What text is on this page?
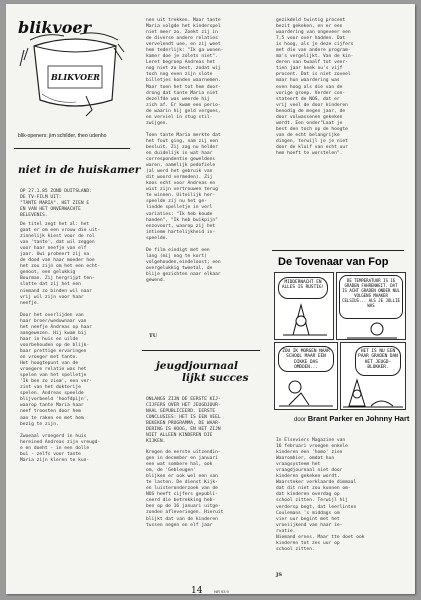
blikvoer
BLIKVOER
blik-openers: jim schilder, theo udenho
niet in de huiskamer
OP 27.1.85 ZOND DUITSLAND:
DE TV-FILM UIT:
"TANTE MARIA". HET ZIEN E
EN VAN HET ONVERWACHTE
BELEVENIS.
De titel zegt het al: het
gaat er om een vrouw die uit-
zinnelijk kiest voor de rol
van 'tante', dat wil zeggen
voor haar neefje van elf
jaar. Uwi probeert zij na
de dood van haar moeder hoe
het zou zijn om het een echt-
genoot, een gelukkig
Bourman. Zij hergrijpt ten-
slotte dat zij het een
niemand zo binden wil naar
vrij wil zijn voor haar
neefje.

Door het overlijden van
haar broer/weduwnaar van
het neefje Andreas op haar
aangewezen. Hij kwam bij
haar in huis en uilde
voorbehouden op de blijk-
baar prettige ervaringen
en vroeger met tante.
Het hoogtepunt van de
vroegere relatie was het
spelen van het spelletje
'Ik ben zo zieæ', een ver-
zint van het dokterije
spelen. Andreas speelde
blijvorbeeld 'hoofdpijn',
waarop tante Maria haar
neef troosten door hem
aan te raken en met hem
bezig te zijn.

Zwoeaal vroegerd in huis
hereined Andreas zijn vreugd-
e en doeht - in een dolle
bui - zelfs voor tante
Maria zijn kleren te kun-
nen uit trekken. Maar tante
Maria volgde het kinderspel
niet meer zo. Zoekt zij in
de diverse andere relaties
vervelendt uee, en zij weet
hem tederlijk: "Ik ga wonen-
kamer doe je zolets niet".
Leret begroep Andreas het
nog niet zo best, zodat wij
toch nog even zijn slote
billetjes konden waarnemen.
Maar toen het tot hem door-
drong dat tante Maria niet
dezelfde was weerde hij
zich af. Er kwam een perio-
de waarin hij geld vergoes,
en verviel in stug stil-
zwijgen.

Toen tante Maria merkte dat
het fout ging, nam zij een
besluit. Zij zag nu helder
en duidelijk in wat haar
correspondentie geweldens
waren, namelijk pedofiele
(al werd het gebruik van
dit woord vermeden). Zij
koos echt voor Andreas en
wist zijn vertrouwen terug
te winnen. Uiteilijk her-
speelde zij nu het ge-
lindde spelletje in verl
variaties: "Ik heb koude
handen", "Ik heb buikpijn"
enzovoort, waarop zij het
intieme hartelijkheid in-
speelde.

De film eindigt met een
lang (mij nog te kort)
volgehouden,eindeloost; een
overgelukkig tweetal, de
blije gezichten naar elkaar
gewend.
TU
jeugdjournaal
lijkt succes
ONLANGS ZIJN DE EERSTE KIJ-
CIJFERS OVER HET JEUGDJOUR-
NAAL GEPUBLICEERD. EERSTE
CONCLUSIES: HET IS EEN VEEL
BEKEKEN PROGRAMMA, DE WAAR-
DERING IS HOOG, EN HET ZIJN
NIET ALLEEN KINDEREN DIE
KIJKEN.
Kregen de eerste uitzendin-
gen in december en januari
een wat sombere hal, ook
om, de 'Gebleugen'
blijken er ook wel een van
te lasten. De dienst Kijk-
en luisteronderzoek van de
NOS heeft cijfers gepubli-
ceerd die betrekking heb-
ben op de 16 januari uitge-
zonden afleveringen. Hieruit
blijkt dat van de kinderen
tussen negen en elf jaar
gezikdeld twintig procent
bezit gekeken, en er een
waardering van ongeveer een
7,5 voor over hadden. Dat
is hoog, als je deze cijfers
met die van andere program-
ma's vergelijkt. Van de kin-
deren van twaalf tot veer-
tien jaar keek nu's vijf
procent. Dat is niet zoveel
maar hun waardering was
even hoog als die van de
vorige groep. Verder con-
stateert de NOS, dat er
vrij veel de door kinderen
benodig de megen jaar, de
door volwassenen gekeken
wordt. Een onder"Laat je
best den toch op de hoogte
van de echt belangrijke
dingen, terwijl je je niet
door de kluif van echt uur
hem hoeft te worstelen".
De Tovenaar van Fop
MIDDERNACHT EN ALLES IS RUSTIG!
DE TEMPERATUUR IS 16 GRADEN FAHRENHEIT. DAT IS ACHT GRADEN ONDER NUL VOLGENS MAAKER CELSIUS... ALS JE JULLIE WAS
ZOU IK MORGEN NAAR SCHOOL MAAR EEN DIKKE DAS OMDOEN...
HET IS NU EEN PAAR GRADEN DAN HET JEUGD- BLOKKER.
door Brant Parker en Johnny Hart
In Elseviers Magazine van
16 februari vroegen enkele
kinderen een 'homo' zien
Waaromhier, omdat hun
vraagsysteem het
vraagdjournaal niet door
kinderen gekeken wordt.
Waarsteker verklaarde dimmaal
dat dit niet zou kunnen om-
dat kinderen overdag op
school zitten. Terwijl hij
verdersp begt, dat leerlinten
Coulemans 's middags om
vier uur begint met het
vroeiijkend van haar ie-
rvatie.
Niemand ernes. Maar tte doet ook
kinderen tot zes uur op
school zitten.
JS
14	NR 93 9
